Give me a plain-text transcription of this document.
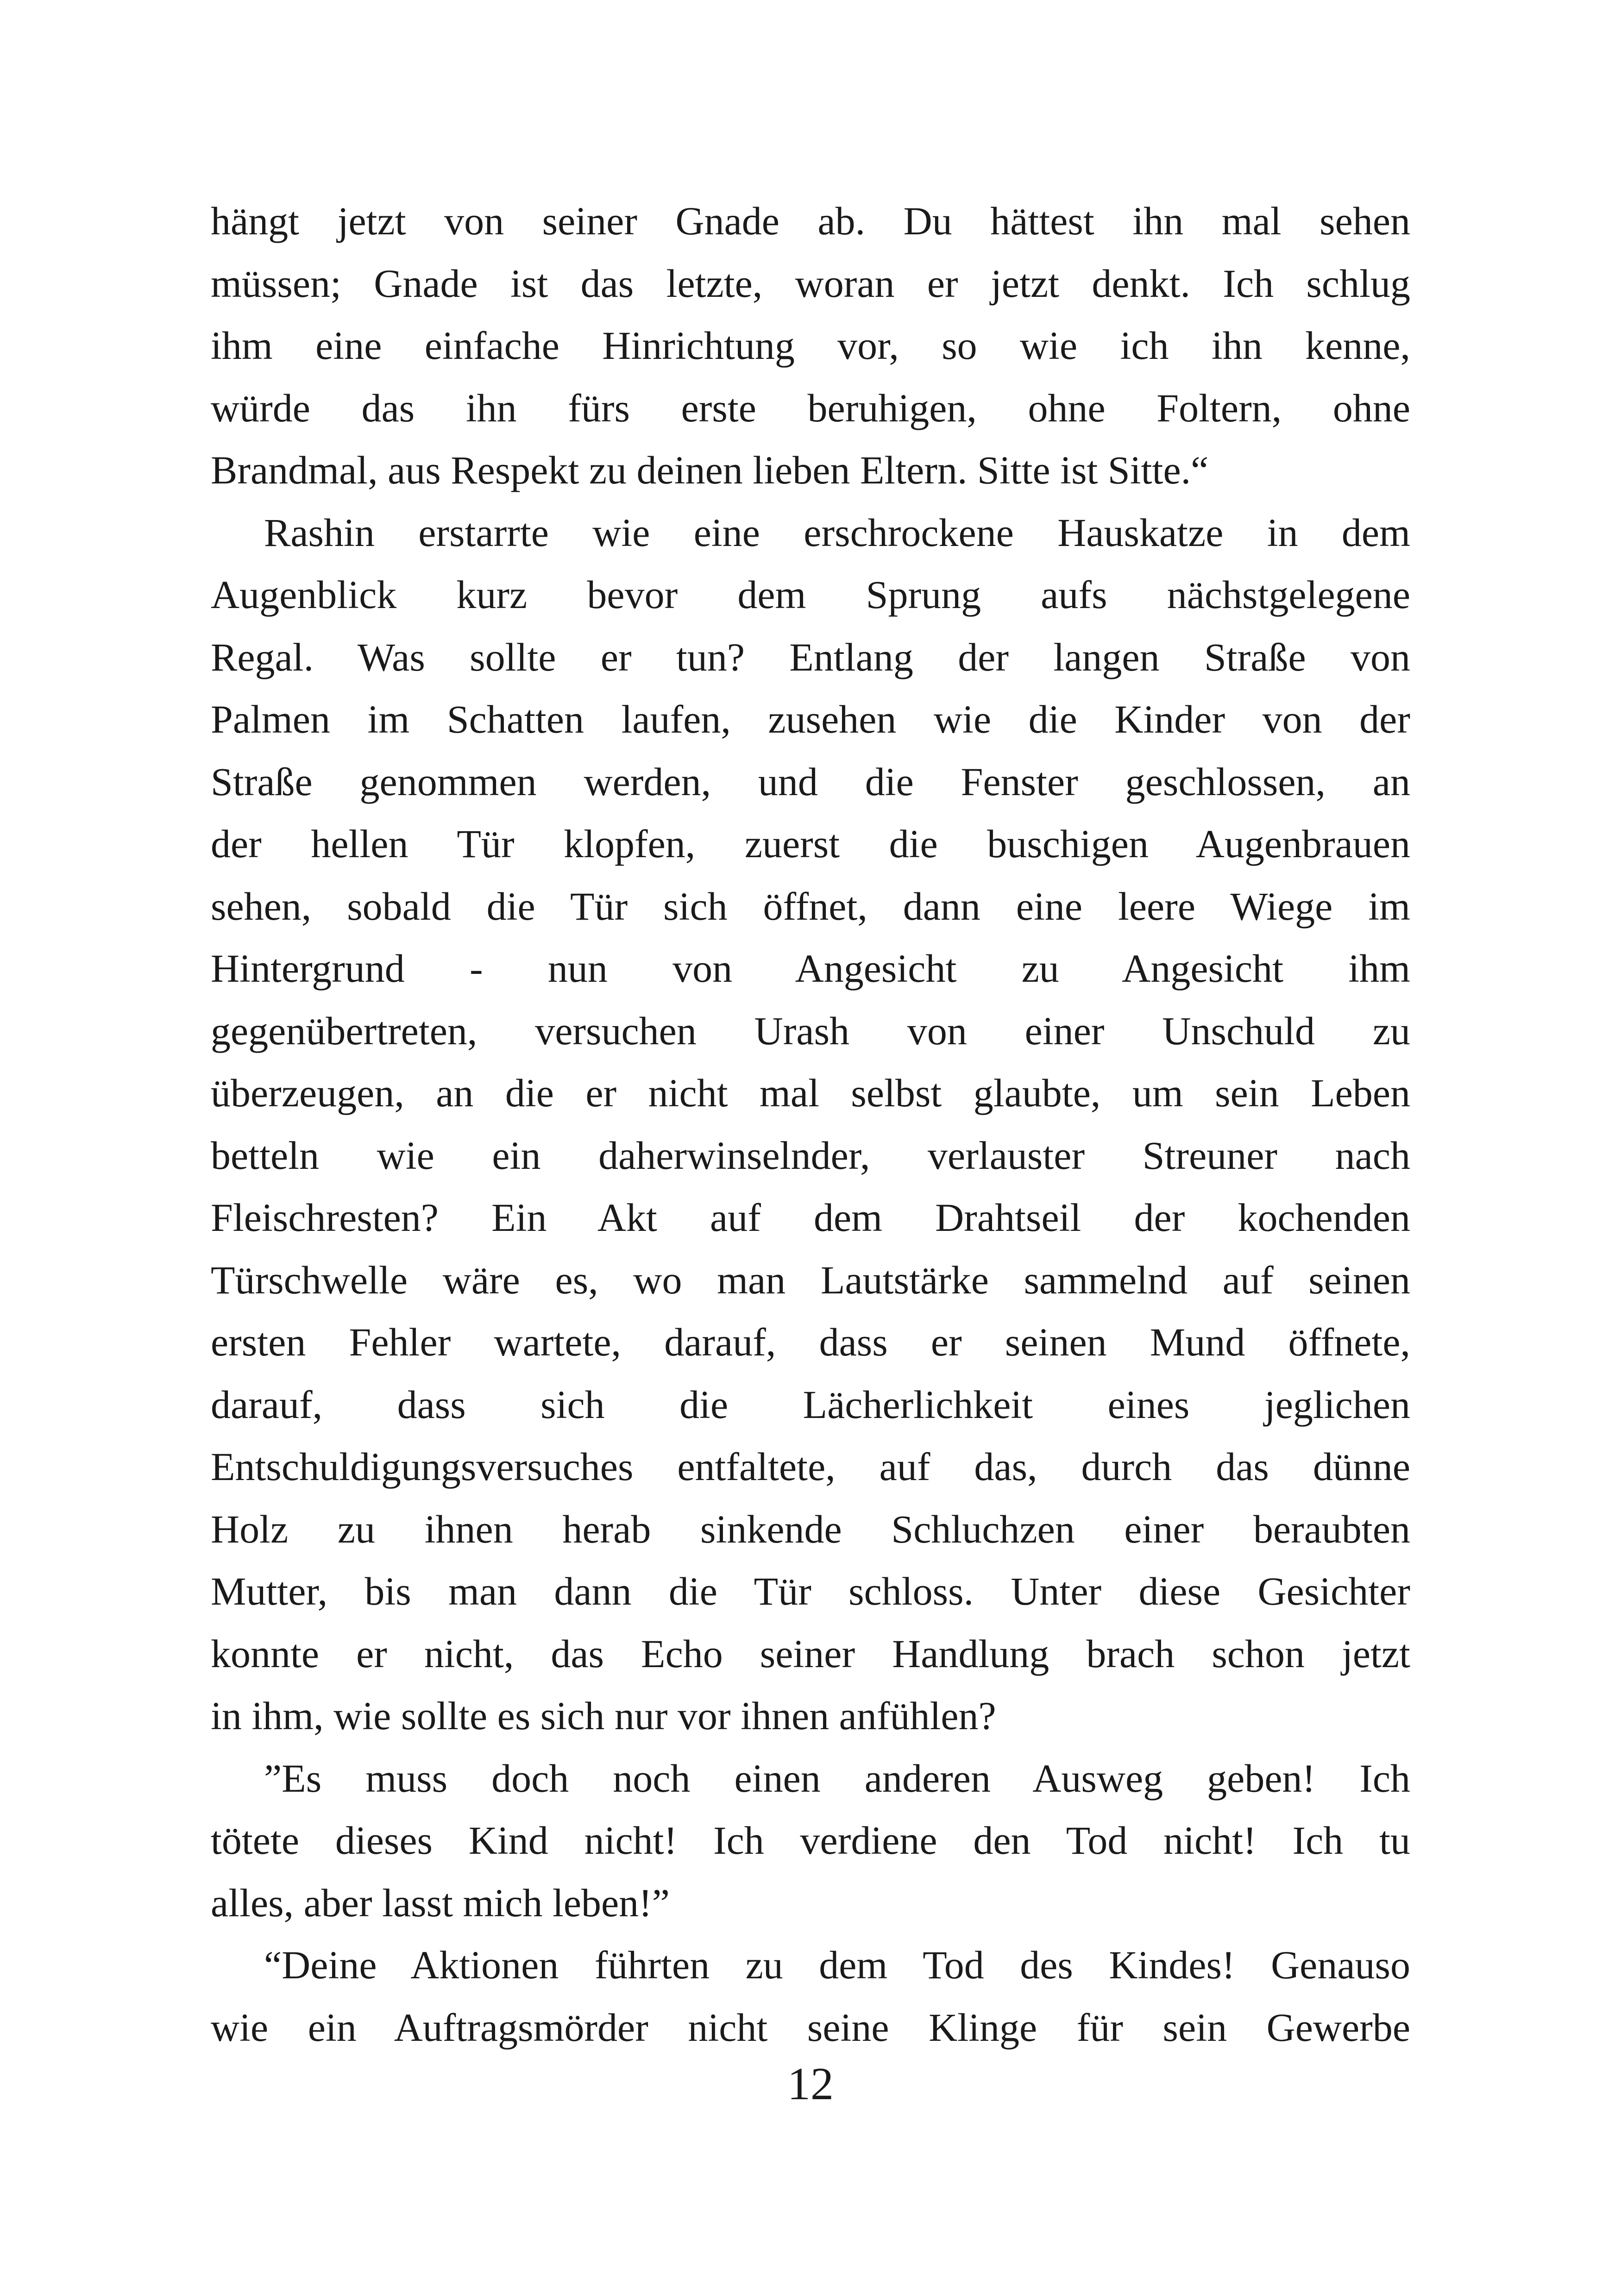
hängt jetzt von seiner Gnade ab. Du hättest ihn mal sehen
müssen; Gnade ist das letzte, woran er jetzt denkt. Ich schlug
ihm eine einfache Hinrichtung vor, so wie ich ihn kenne,
würde das ihn fürs erste beruhigen, ohne Foltern, ohne
Brandmal, aus Respekt zu deinen lieben Eltern. Sitte ist Sitte.“
Rashin erstarrte wie eine erschrockene Hauskatze in dem
Augenblick kurz bevor dem Sprung aufs nächstgelegene
Regal. Was sollte er tun? Entlang der langen Straße von
Palmen im Schatten laufen, zusehen wie die Kinder von der
Straße genommen werden, und die Fenster geschlossen, an
der hellen Tür klopfen, zuerst die buschigen Augenbrauen
sehen, sobald die Tür sich öffnet, dann eine leere Wiege im
Hintergrund - nun von Angesicht zu Angesicht ihm
gegenübertreten, versuchen Urash von einer Unschuld zu
überzeugen, an die er nicht mal selbst glaubte, um sein Leben
betteln wie ein daherwinselnder, verlauster Streuner nach
Fleischresten? Ein Akt auf dem Drahtseil der kochenden
Türschwelle wäre es, wo man Lautstärke sammelnd auf seinen
ersten Fehler wartete, darauf, dass er seinen Mund öffnete,
darauf, dass sich die Lächerlichkeit eines jeglichen
Entschuldigungsversuches entfaltete, auf das, durch das dünne
Holz zu ihnen herab sinkende Schluchzen einer beraubten
Mutter, bis man dann die Tür schloss. Unter diese Gesichter
konnte er nicht, das Echo seiner Handlung brach schon jetzt
in ihm, wie sollte es sich nur vor ihnen anfühlen?
”Es muss doch noch einen anderen Ausweg geben! Ich
tötete dieses Kind nicht! Ich verdiene den Tod nicht! Ich tu
alles, aber lasst mich leben!”
“Deine Aktionen führten zu dem Tod des Kindes! Genauso
wie ein Auftragsmörder nicht seine Klinge für sein Gewerbe
12
